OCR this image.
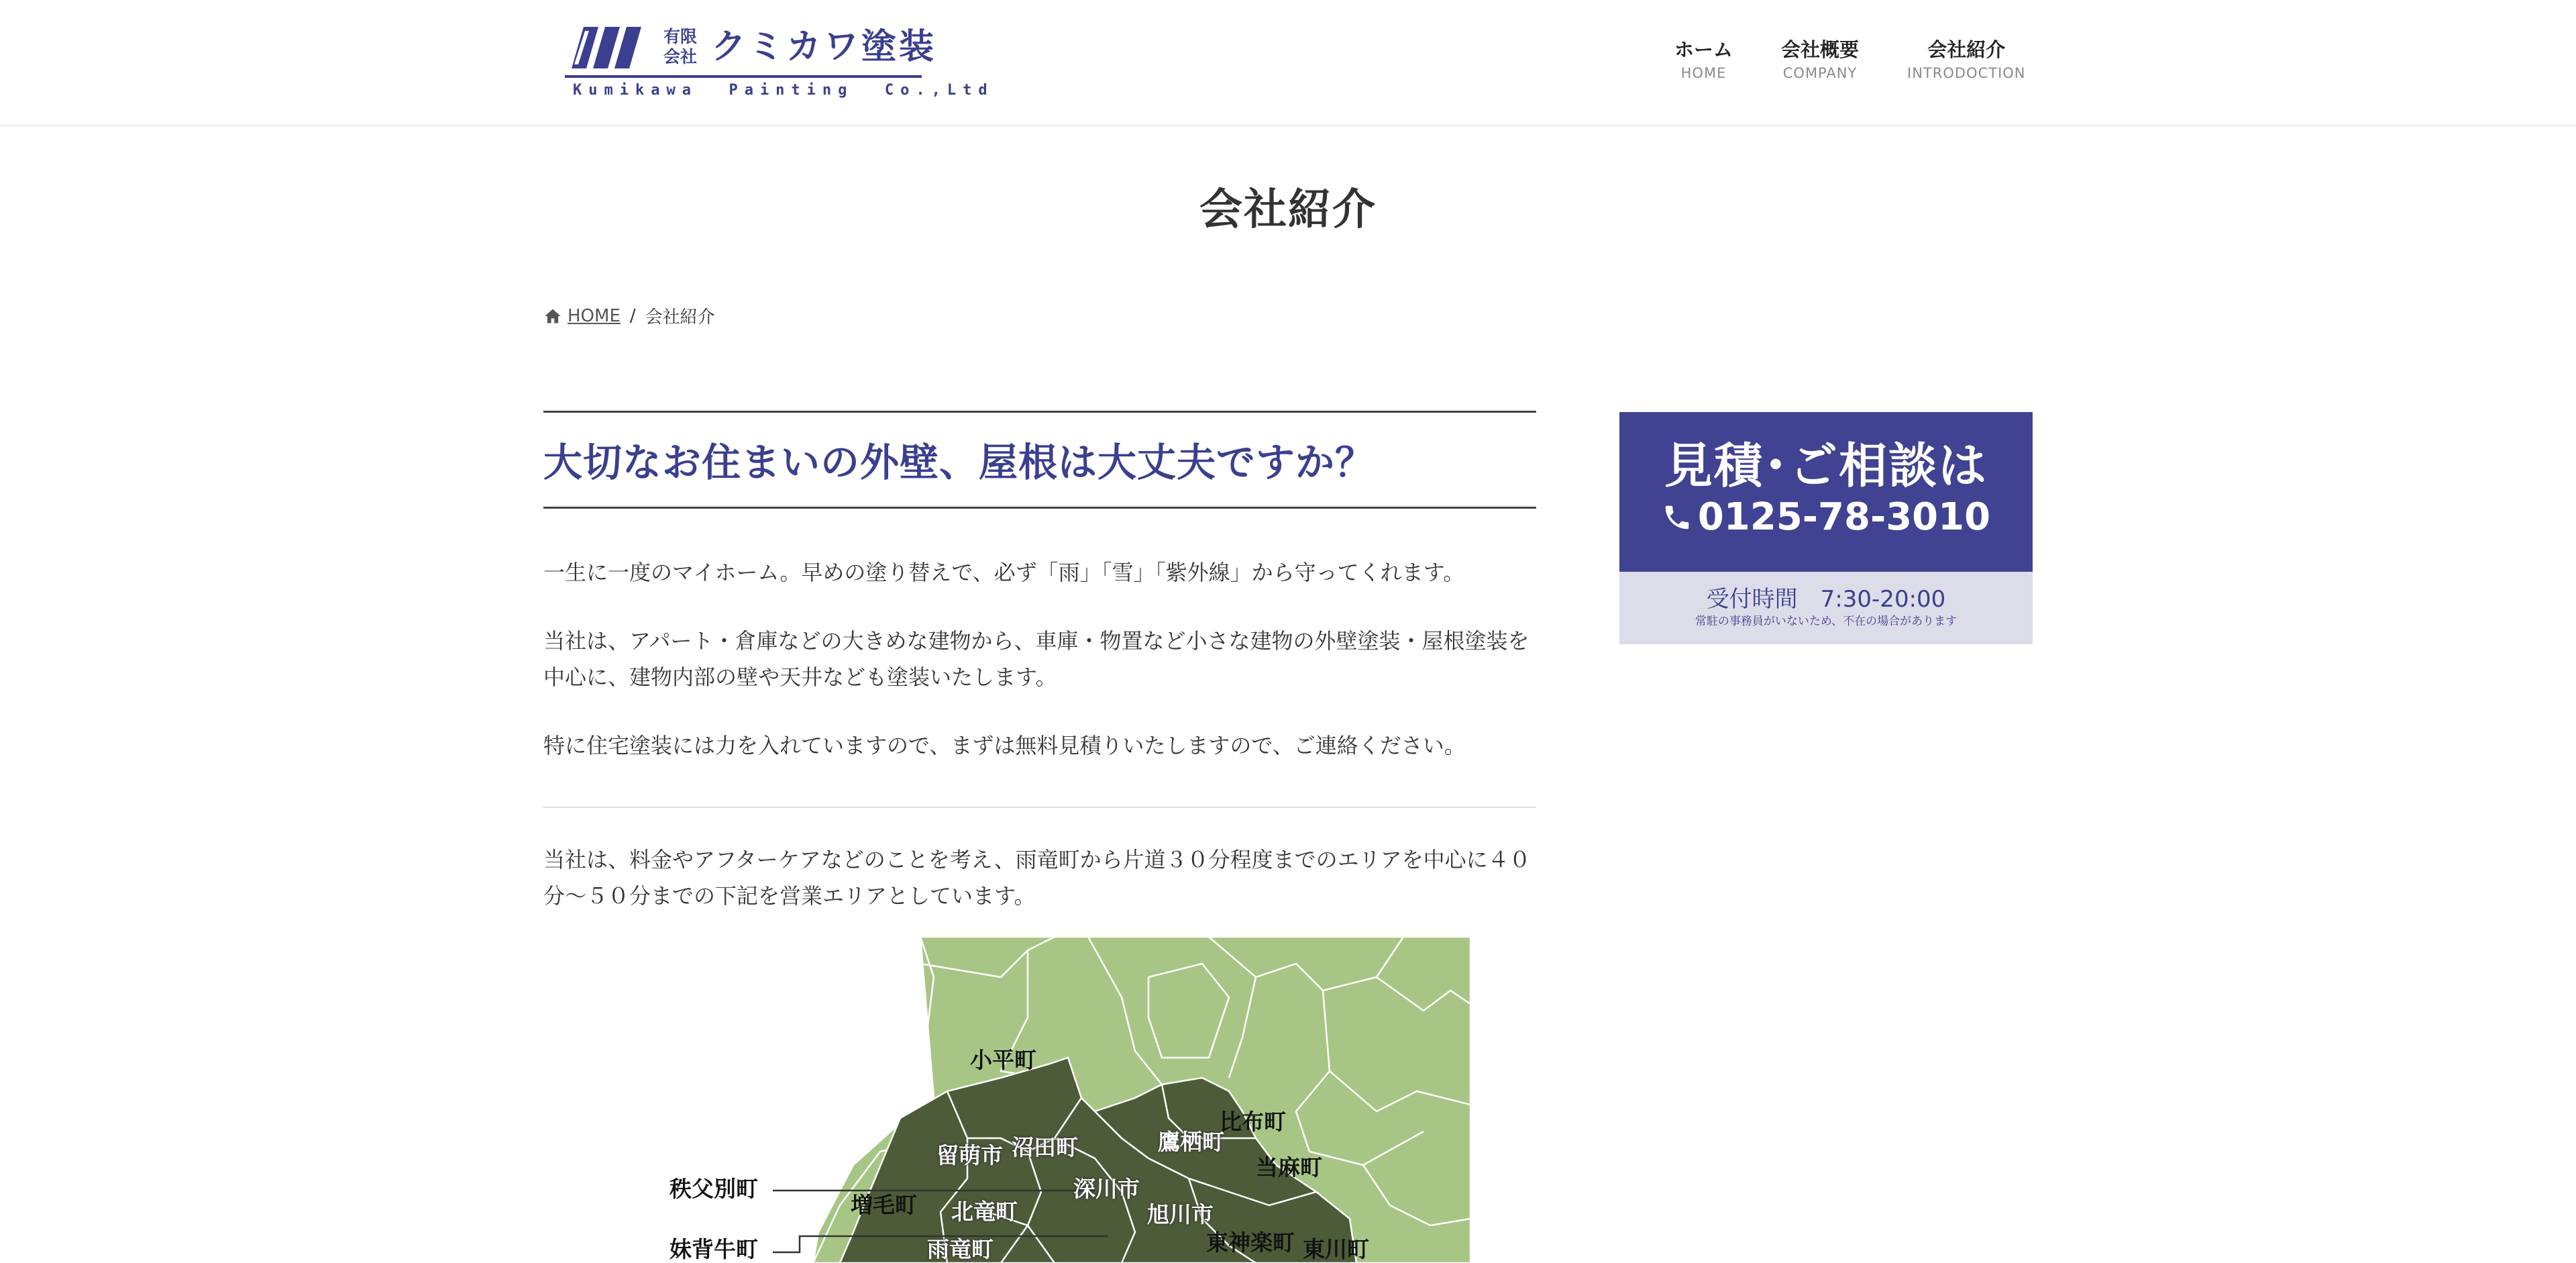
有限
会社 クミカワ塗装
Kumikawa  Painting  Co.,Ltd
ホーム
HOME
会社概要
COMPANY
会社紹介
INTRODOCTION
会社紹介
HOME / 会社紹介
大切なお住まいの外壁、屋根は大丈夫ですか？

一生に一度のマイホーム。早めの塗り替えで、必ず「雨」「雪」「紫外線」から守ってくれます。

当社は、アパート・倉庫などの大きめな建物から、車庫・物置など小さな建物の外壁塗装・屋根塗装を中心に、建物内部の壁や天井なども塗装いたします。

特に住宅塗装には力を入れていますので、まずは無料見積りいたしますので、ご連絡ください。

当社は、料金やアフターケアなどのことを考え、雨竜町から片道３０分程度までのエリアを中心に４０分～５０分までの下記を営業エリアとしています。

小平町
留萌市 沼田町	鷹栖町
比布町
当麻町
秩父別町
増毛町 北竜町
深川市
旭川市
妹背牛町	雨竜町	東神楽町 東川町
見積･ご相談は
0125-78-3010
受付時間　7:30-20:00
常駐の事務員がいないため、不在の場合があります
